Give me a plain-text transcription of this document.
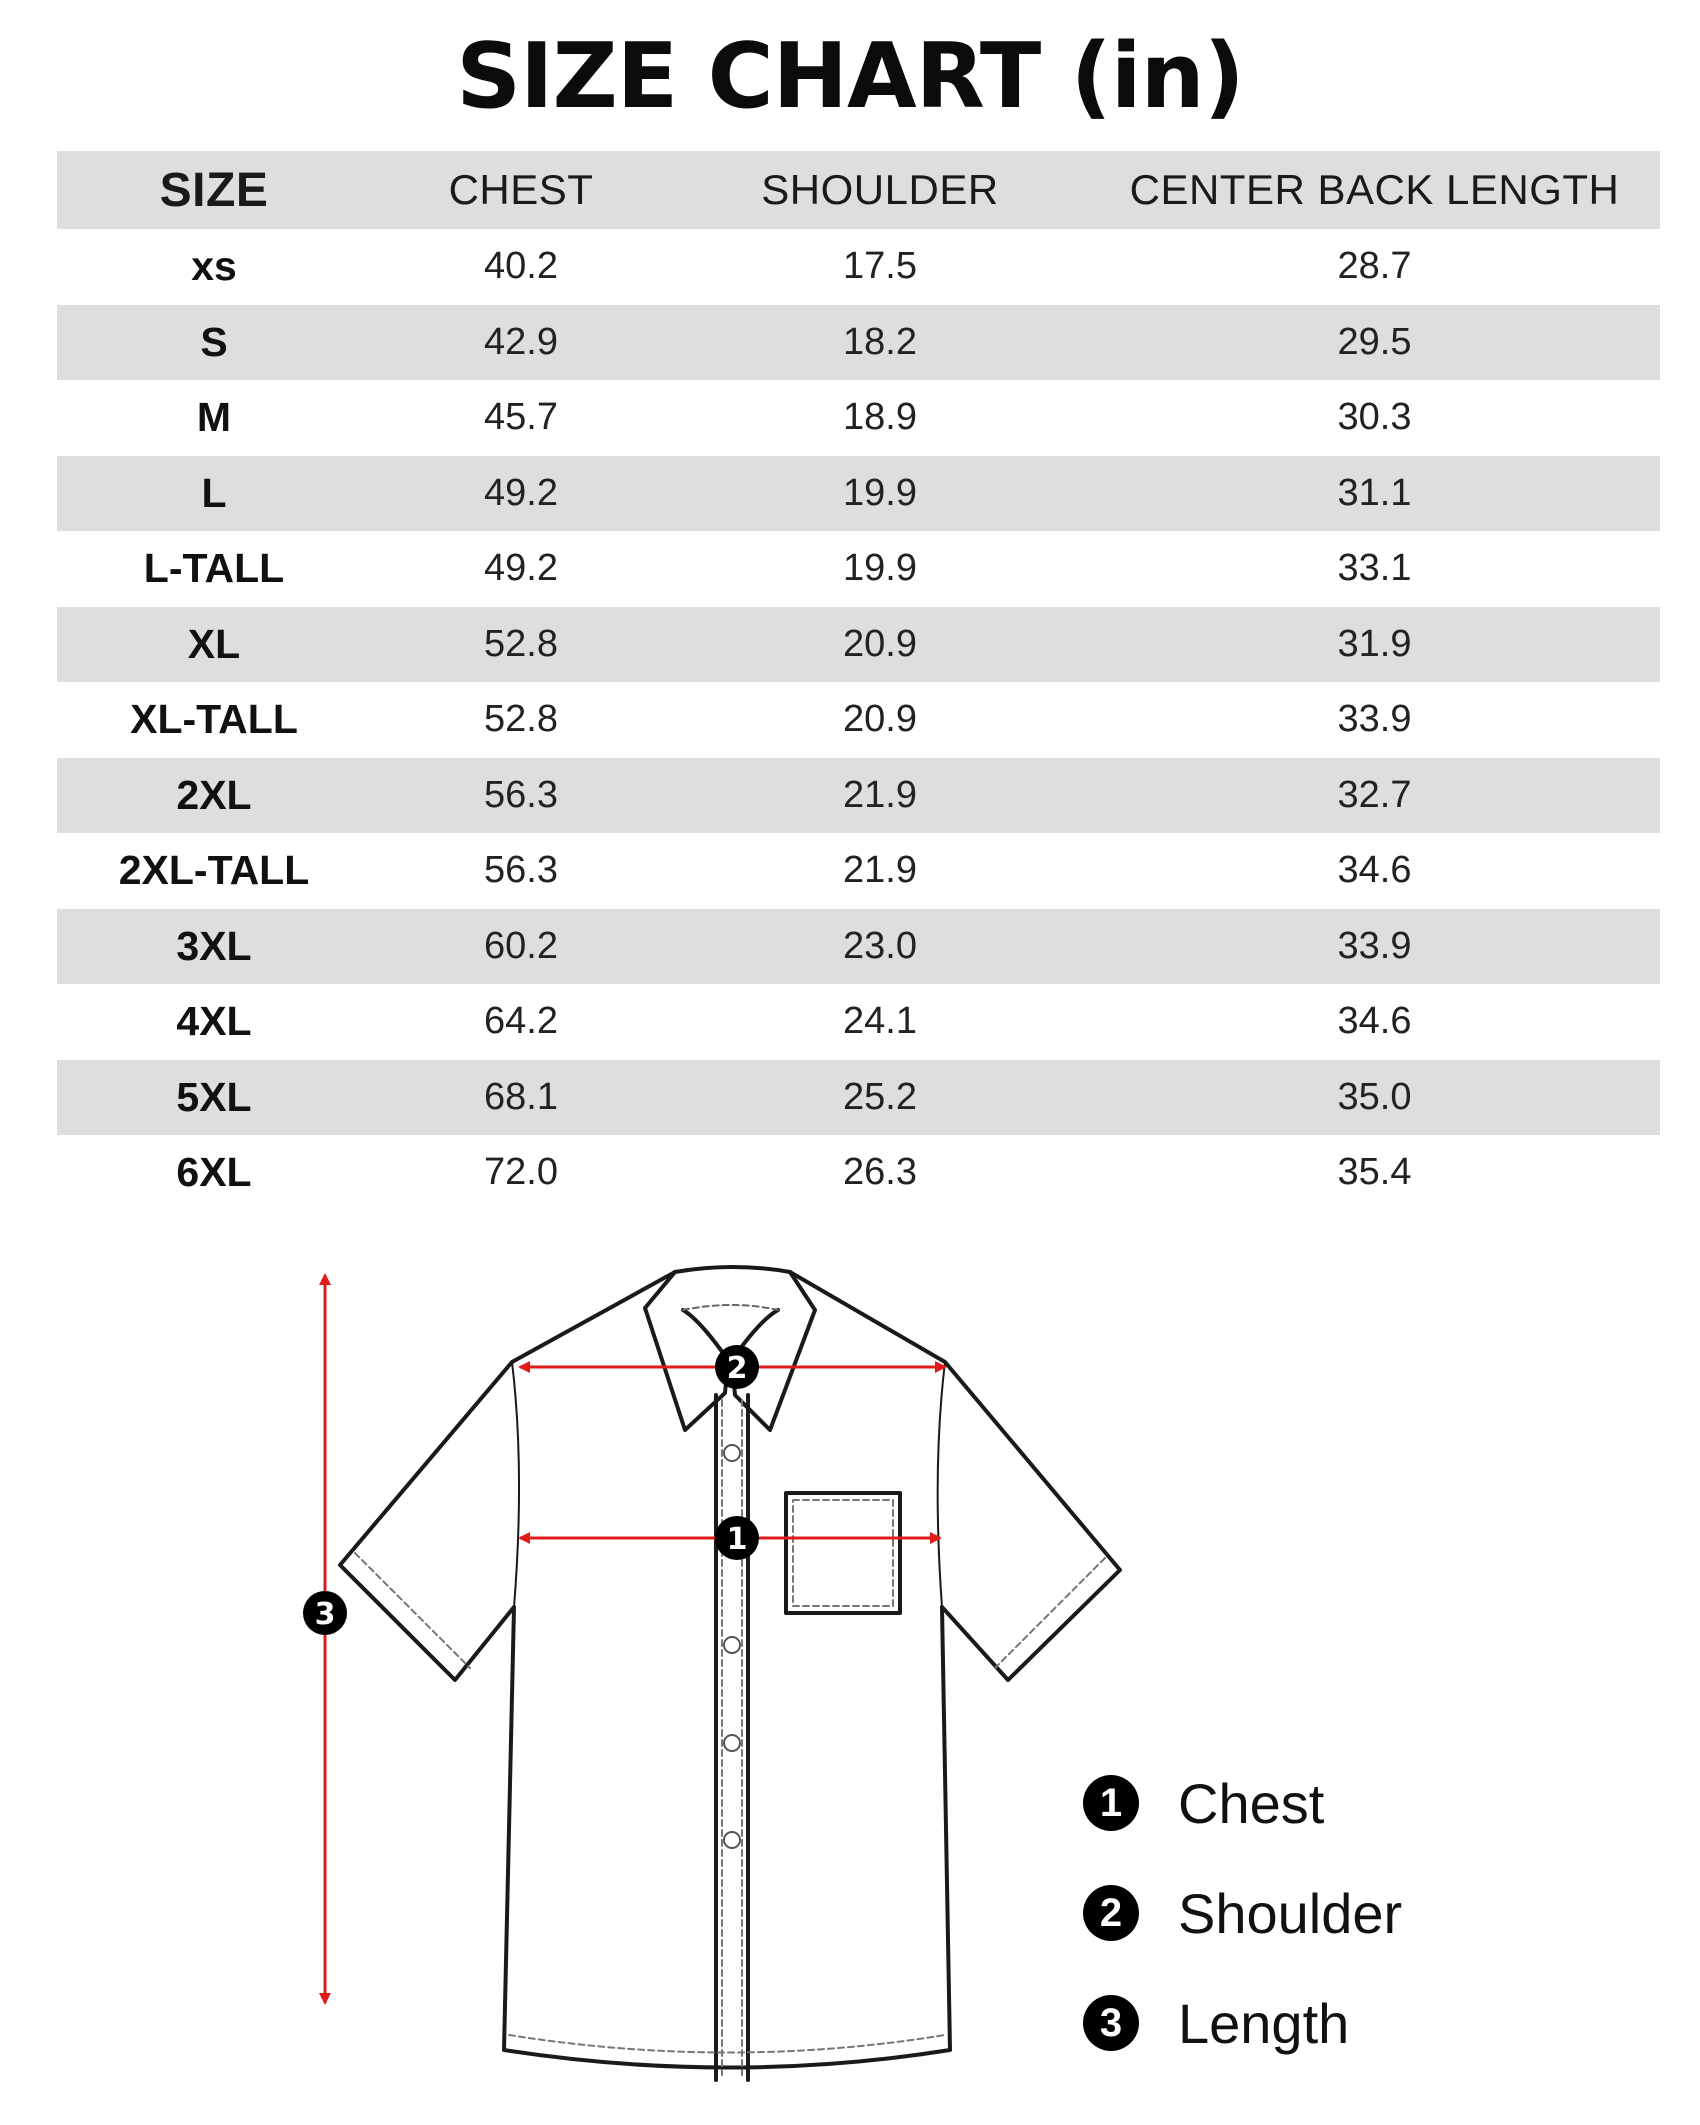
SIZE CHART (in)
SIZE	CHEST	SHOULDER	CENTER BACK LENGTH
xs	40.2	17.5	28.7
S	42.9	18.2	29.5
M	45.7	18.9	30.3
L	49.2	19.9	31.1
L-TALL	49.2	19.9	33.1
XL	52.8	20.9	31.9
XL-TALL	52.8	20.9	33.9
2XL	56.3	21.9	32.7
2XL-TALL	56.3	21.9	34.6
3XL	60.2	23.0	33.9
4XL	64.2	24.1	34.6
5XL	68.1	25.2	35.0
6XL	72.0	26.3	35.4
1
2
3
1 Chest
2 Shoulder
3 Length
